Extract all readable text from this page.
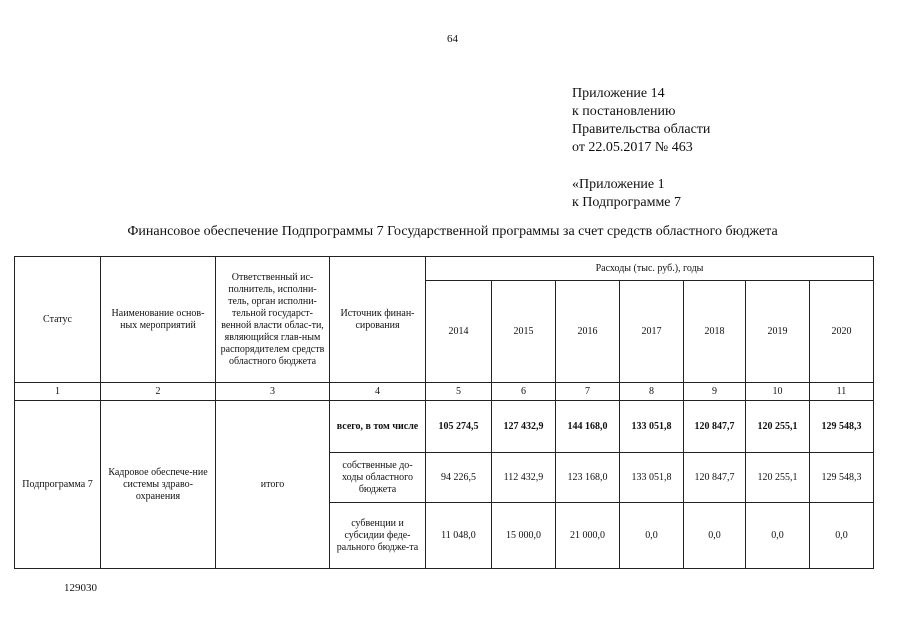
64
Приложение 14
к постановлению
Правительства области
от 22.05.2017 № 463
«Приложение 1
к Подпрограмме 7
Финансовое обеспечение Подпрограммы 7 Государственной программы за счет средств областного бюджета
Статус	Наименование основ-ных мероприятий	Ответственный ис-полнитель, исполни-тель, орган исполни-тельной государст-венной власти облас-ти, являющийся глав-ным распорядителем средств областного бюджета	Источник финан-сирования	Расходы (тыс. руб.), годы						
				2014	2015	2016	2017	2018	2019	2020
1	2	3	4	5	6	7	8	9	10	11
Подпрограмма 7	Кадровое обеспече-ние системы здраво-охранения	итого	всего, в том числе	105 274,5	127 432,9	144 168,0	133 051,8	120 847,7	120 255,1	129 548,3
			собственные до-ходы областного бюджета	94 226,5	112 432,9	123 168,0	133 051,8	120 847,7	120 255,1	129 548,3
			субвенции и субсидии феде-рального бюдже-та	11 048,0	15 000,0	21 000,0	0,0	0,0	0,0	0,0
129030
